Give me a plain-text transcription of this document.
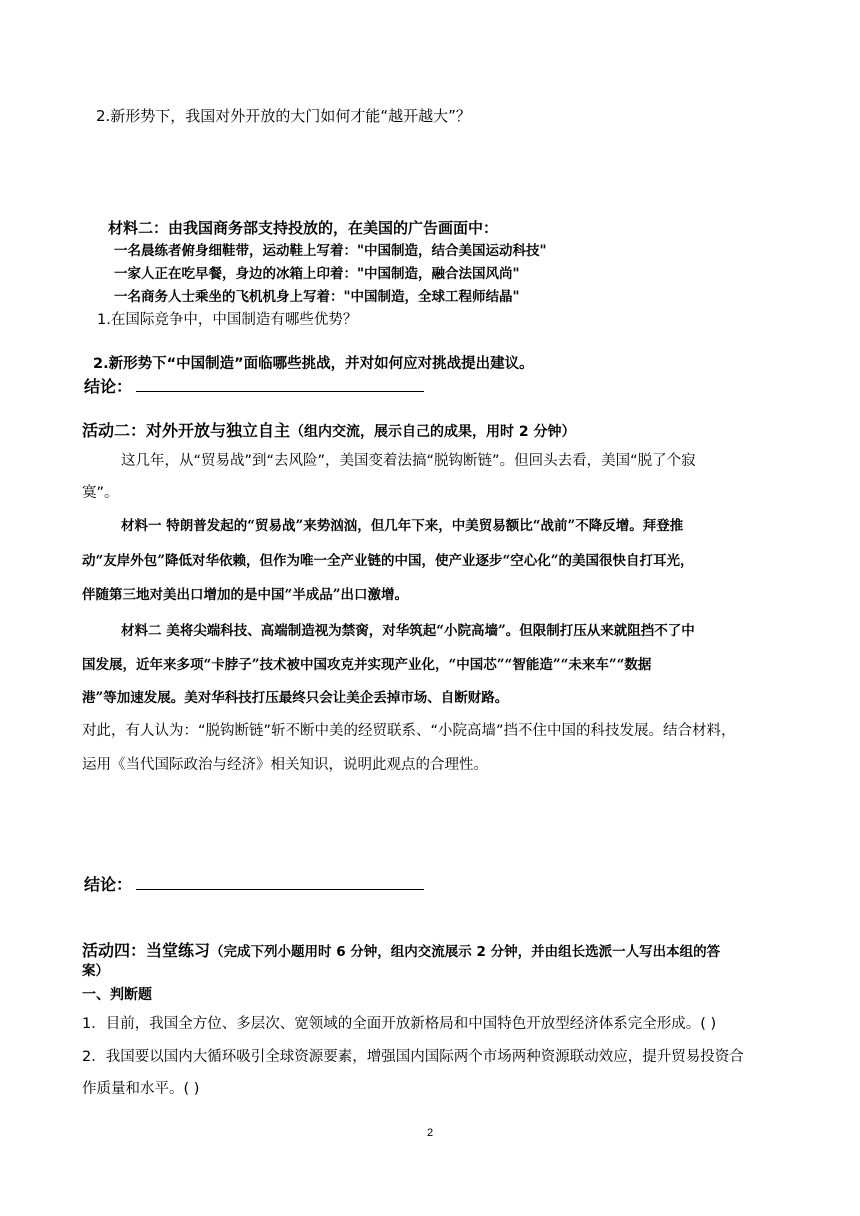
2.新形势下，我国对外开放的大门如何才能“越开越大”？
材料二：由我国商务部支持投放的，在美国的广告画面中：
一名晨练者俯身细鞋带，运动鞋上写着："中国制造，结合美国运动科技"
一家人正在吃早餐，身边的冰箱上印着："中国制造，融合法国风尚"
一名商务人士乘坐的飞机机身上写着："中国制造，全球工程师结晶"
1.在国际竞争中，中国制造有哪些优势？
2.新形势下“中国制造”面临哪些挑战，并对如何应对挑战提出建议。
结论：
活动二：对外开放与独立自主（组内交流，展示自己的成果，用时 2 分钟）
这几年，从“贸易战”到“去风险”，美国变着法搞“脱钩断链”。但回头去看，美国“脱了个寂
寞”。
材料一 特朗普发起的“贸易战”来势汹汹，但几年下来，中美贸易额比“战前”不降反增。拜登推
动“友岸外包”降低对华依赖，但作为唯一全产业链的中国，使产业逐步“空心化”的美国很快自打耳光，
伴随第三地对美出口增加的是中国“半成品”出口激增。
材料二 美将尖端科技、高端制造视为禁脔，对华筑起“小院高墙”。但限制打压从来就阻挡不了中
国发展，近年来多项“卡脖子”技术被中国攻克并实现产业化，“中国芯”“智能造”“未来车”“数据
港”等加速发展。美对华科技打压最终只会让美企丢掉市场、自断财路。
对此，有人认为：“脱钩断链”斩不断中美的经贸联系、“小院高墙”挡不住中国的科技发展。结合材料，
运用《当代国际政治与经济》相关知识，说明此观点的合理性。
结论：
活动四：当堂练习（完成下列小题用时 6 分钟，组内交流展示 2 分钟，并由组长选派一人写出本组的答
案）
一、判断题
1．目前，我国全方位、多层次、宽领域的全面开放新格局和中国特色开放型经济体系完全形成。( )
2．我国要以国内大循环吸引全球资源要素，增强国内国际两个市场两种资源联动效应，提升贸易投资合
作质量和水平。( )
2
